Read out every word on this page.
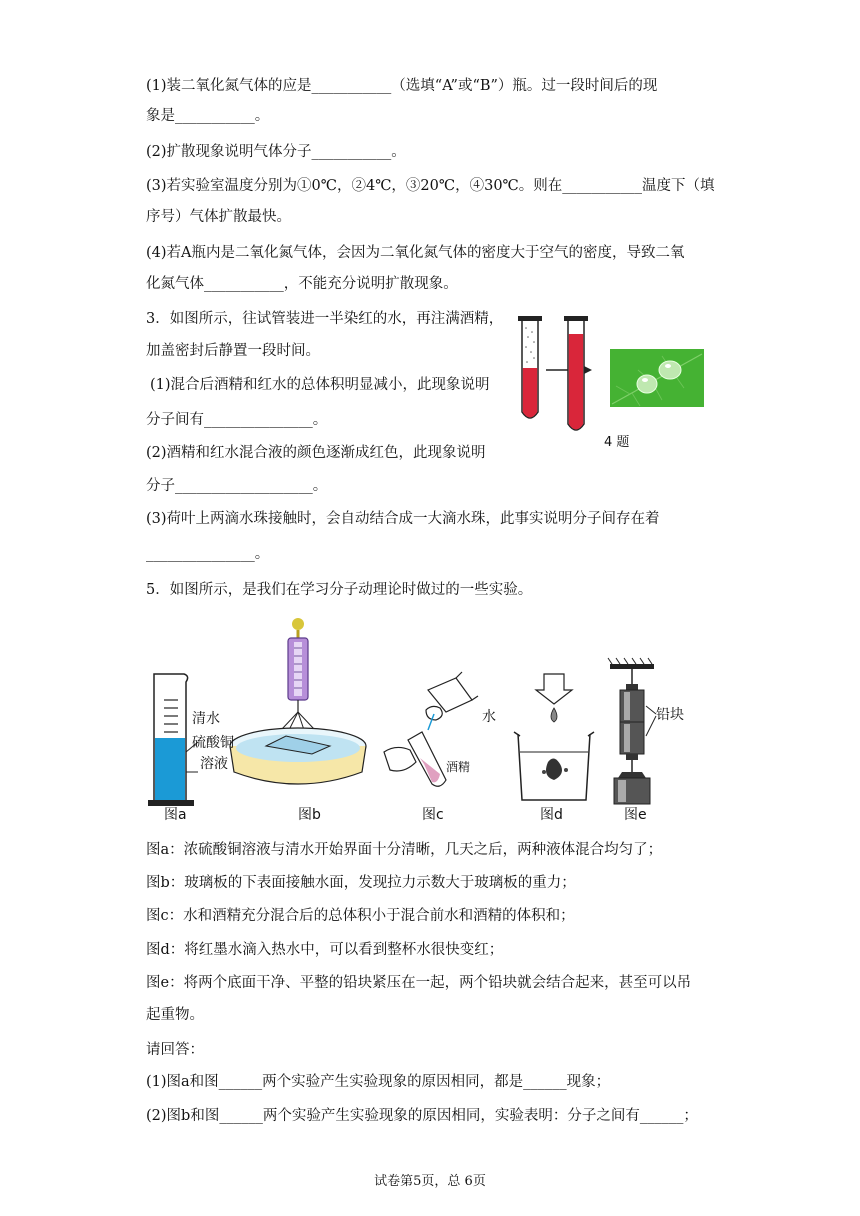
(1)装二氧化氮气体的应是___________（选填“A”或“B”）瓶。过一段时间后的现
象是___________。
(2)扩散现象说明气体分子___________。
(3)若实验室温度分别为①0℃，②4℃，③20℃，④30℃。则在___________温度下（填
序号）气体扩散最快。
(4)若A瓶内是二氧化氮气体，会因为二氧化氮气体的密度大于空气的密度，导致二氧
化氮气体___________，不能充分说明扩散现象。
3．如图所示，往试管装进一半染红的水，再注满酒精，
加盖密封后静置一段时间。
(1)混合后酒精和红水的总体积明显减小，此现象说明
分子间有_______________。
(2)酒精和红水混合液的颜色逐渐成红色，此现象说明
分子___________________。
(3)荷叶上两滴水珠接触时，会自动结合成一大滴水珠，此事实说明分子间存在着
_______________。
5．如图所示，是我们在学习分子动理论时做过的一些实验。
4 题
清水
硫酸铜
溶液
水
酒精
铅块
图a	图b	图c	图d	图e
图a：浓硫酸铜溶液与清水开始界面十分清晰，几天之后，两种液体混合均匀了；
图b：玻璃板的下表面接触水面，发现拉力示数大于玻璃板的重力；
图c：水和酒精充分混合后的总体积小于混合前水和酒精的体积和；
图d：将红墨水滴入热水中，可以看到整杯水很快变红；
图e：将两个底面干净、平整的铅块紧压在一起，两个铅块就会结合起来，甚至可以吊
起重物。
请回答：
(1)图a和图______两个实验产生实验现象的原因相同，都是______现象；
(2)图b和图______两个实验产生实验现象的原因相同，实验表明：分子之间有______；
试卷第5页，总 6页
